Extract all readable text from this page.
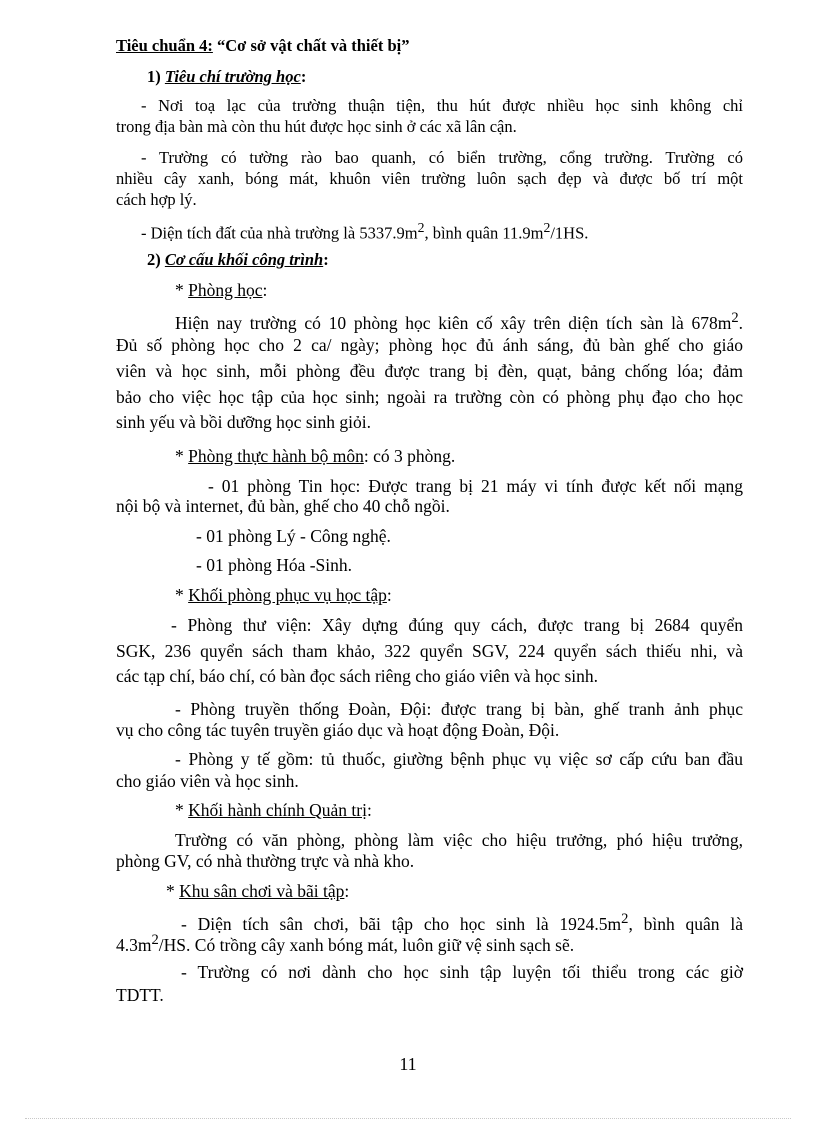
Tiêu chuẩn 4: “Cơ sở vật chất và thiết bị”
1) Tiêu chí trường học:
- Nơi toạ lạc của trường thuận tiện, thu hút được nhiều học sinh không chỉ
trong địa bàn mà còn thu hút được học sinh ở các xã lân cận.
- Trường có tường rào bao quanh, có biển trường, cổng trường. Trường có
nhiều cây xanh, bóng mát, khuôn viên trường luôn sạch đẹp và được bố trí một
cách hợp lý.
- Diện tích đất của nhà trường là $5337.9m^2$, bình quân $11.9m^2/1HS$.
2) Cơ cấu khối công trình:
* Phòng học:
Hiện nay trường có 10 phòng học kiên cố xây trên diện tích sàn là $678m^2$.
Đủ số phòng học cho 2 ca/ ngày; phòng học đủ ánh sáng, đủ bàn ghế cho giáo
viên và học sinh, mỗi phòng đều được trang bị đèn, quạt, bảng chống lóa; đảm
bảo cho việc học tập của học sinh; ngoài ra trường còn có phòng phụ đạo cho học
sinh yếu và bồi dưỡng học sinh giỏi.
* Phòng thực hành bộ môn: có 3 phòng.
- 01 phòng Tin học: Được trang bị 21 máy vi tính được kết nối mạng
nội bộ và internet, đủ bàn, ghế cho 40 chỗ ngồi.
- 01 phòng Lý - Công nghệ.
- 01 phòng Hóa -Sinh.
* Khối phòng phục vụ học tập:
- Phòng thư viện: Xây dựng đúng quy cách, được trang bị 2684 quyển
SGK, 236 quyển sách tham khảo, 322 quyển SGV, 224 quyển sách thiếu nhi, và
các tạp chí, báo chí, có bàn đọc sách riêng cho giáo viên và học sinh.
- Phòng truyền thống Đoàn, Đội: được trang bị bàn, ghế tranh ảnh phục
vụ cho công tác tuyên truyền giáo dục và hoạt động Đoàn, Đội.
- Phòng y tế gồm: tủ thuốc, giường bệnh phục vụ việc sơ cấp cứu ban đầu
cho giáo viên và học sinh.
* Khối hành chính Quản trị:
Trường có văn phòng, phòng làm việc cho hiệu trưởng, phó hiệu trưởng,
phòng GV, có nhà thường trực và nhà kho.
* Khu sân chơi và bãi tập:
- Diện tích sân chơi, bãi tập cho học sinh là $1924.5m^2$, bình quân là
$4.3m^2/HS$. Có trồng cây xanh bóng mát, luôn giữ vệ sinh sạch sẽ.
- Trường có nơi dành cho học sinh tập luyện tối thiểu trong các giờ
TDTT.
11
